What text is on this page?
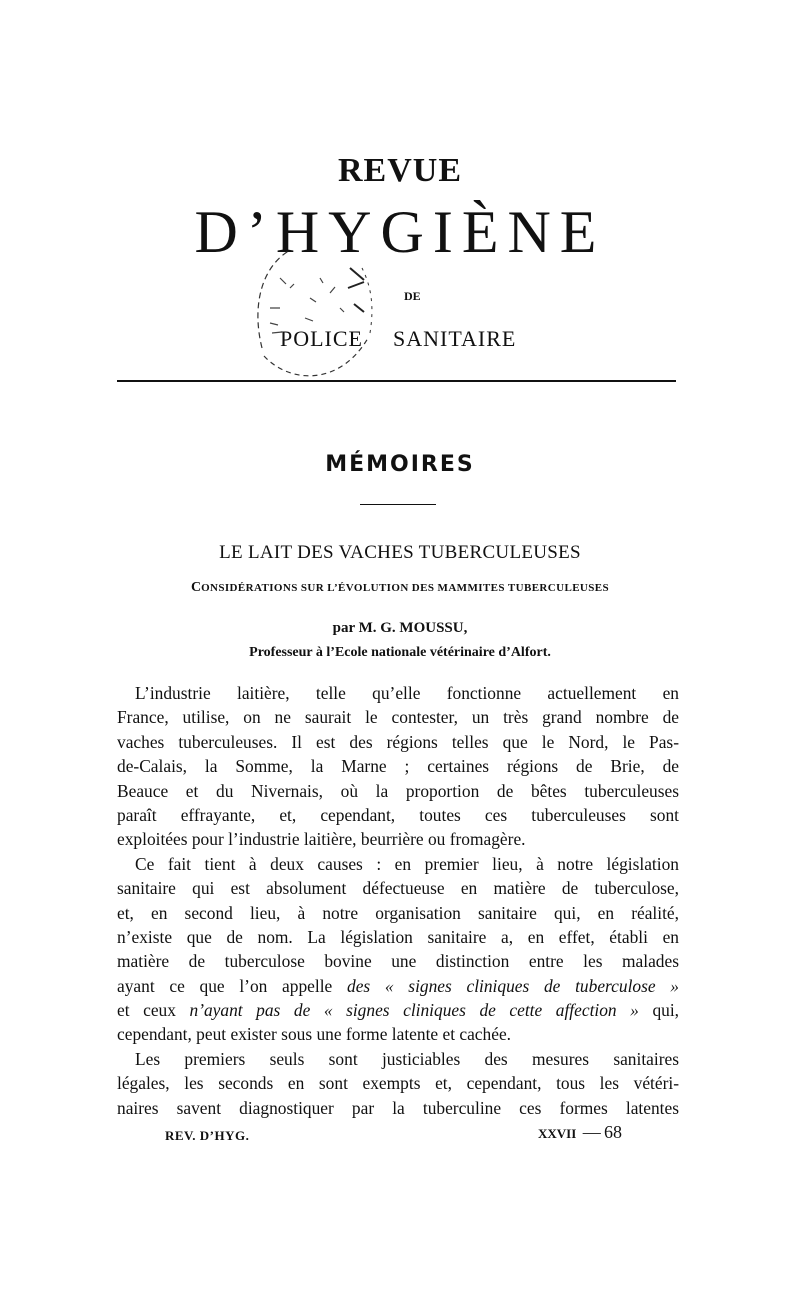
REVUE
D’HYGIÈNE
DE
POLICE SANITAIRE
MÉMOIRES
LE LAIT DES VACHES TUBERCULEUSES
CONSIDÉRATIONS SUR L’ÉVOLUTION DES MAMMITES TUBERCULEUSES
par M. G. MOUSSU,
Professeur à l’Ecole nationale vétérinaire d’Alfort.
L’industrie laitière, telle qu’elle fonctionne actuellement en
France, utilise, on ne saurait le contester, un très grand nombre de
vaches tuberculeuses. Il est des régions telles que le Nord, le Pas-
de-Calais, la Somme, la Marne ; certaines régions de Brie, de
Beauce et du Nivernais, où la proportion de bêtes tuberculeuses
paraît effrayante, et, cependant, toutes ces tuberculeuses sont
exploitées pour l’industrie laitière, beurrière ou fromagère.
Ce fait tient à deux causes : en premier lieu, à notre législation
sanitaire qui est absolument défectueuse en matière de tuberculose,
et, en second lieu, à notre organisation sanitaire qui, en réalité,
n’existe que de nom. La législation sanitaire a, en effet, établi en
matière de tuberculose bovine une distinction entre les malades
ayant ce que l’on appelle des « signes cliniques de tuberculose »
et ceux n’ayant pas de « signes cliniques de cette affection » qui,
cependant, peut exister sous une forme latente et cachée.
Les premiers seuls sont justiciables des mesures sanitaires
légales, les seconds en sont exempts et, cependant, tous les vétéri-
naires savent diagnostiquer par la tuberculine ces formes latentes
REV. D’HYG.	XXVII — 68
